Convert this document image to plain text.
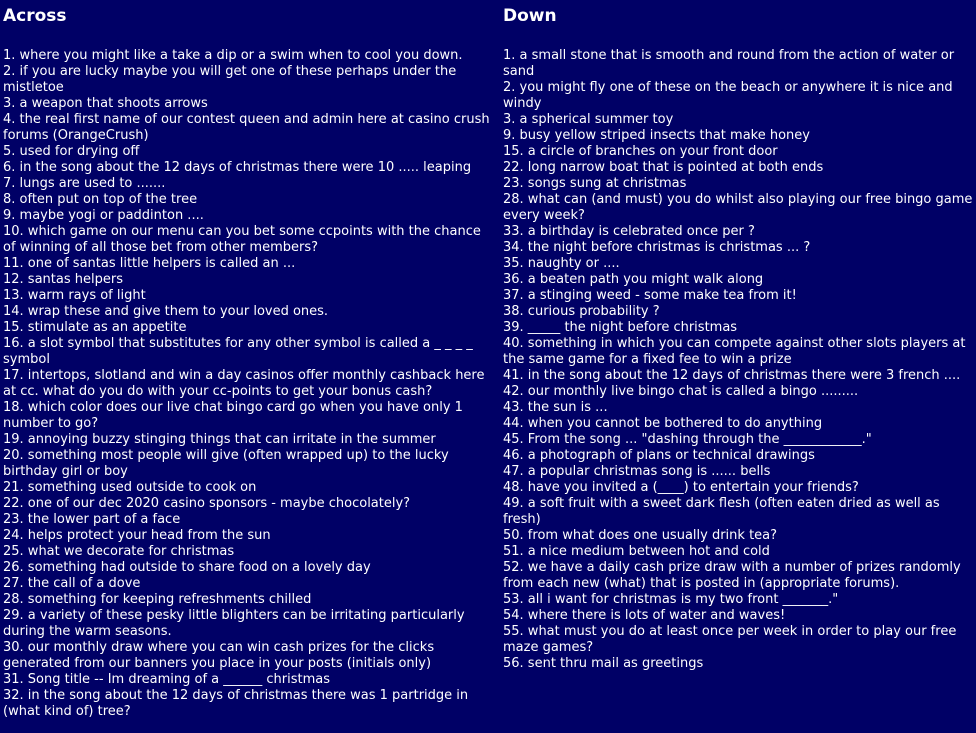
Across
1. where you might like a take a dip or a swim when to cool you down.
2. if you are lucky maybe you will get one of these perhaps under the mistletoe
3. a weapon that shoots arrows
4. the real first name of our contest queen and admin here at casino crush forums (OrangeCrush)
5. used for drying off
6. in the song about the 12 days of christmas there were 10 ..... leaping
7. lungs are used to .......
8. often put on top of the tree
9. maybe yogi or paddinton ....
10. which game on our menu can you bet some ccpoints with the chance of winning of all those bet from other members?
11. one of santas little helpers is called an ...
12. santas helpers
13. warm rays of light
14. wrap these and give them to your loved ones.
15. stimulate as an appetite
16. a slot symbol that substitutes for any other symbol is called a _ _ _ _ symbol
17. intertops, slotland and win a day casinos offer monthly cashback here at cc. what do you do with your cc-points to get your bonus cash?
18. which color does our live chat bingo card go when you have only 1 number to go?
19. annoying buzzy stinging things that can irritate in the summer
20. something most people will give (often wrapped up) to the lucky birthday girl or boy
21. something used outside to cook on
22. one of our dec 2020 casino sponsors - maybe chocolately?
23. the lower part of a face
24. helps protect your head from the sun
25. what we decorate for christmas
26. something had outside to share food on a lovely day
27. the call of a dove
28. something for keeping refreshments chilled
29. a variety of these pesky little blighters can be irritating particularly during the warm seasons.
30. our monthly draw where you can win cash prizes for the clicks generated from our banners you place in your posts (initials only)
31. Song title -- Im dreaming of a ______ christmas
32. in the song about the 12 days of christmas there was 1 partridge in (what kind of) tree?
Down
1. a small stone that is smooth and round from the action of water or sand
2. you might fly one of these on the beach or anywhere it is nice and windy
3. a spherical summer toy
9. busy yellow striped insects that make honey
15. a circle of branches on your front door
22. long narrow boat that is pointed at both ends
23. songs sung at christmas
28. what can (and must) you do whilst also playing our free bingo game every week?
33. a birthday is celebrated once per ?
34. the night before christmas is christmas ... ?
35. naughty or ....
36. a beaten path you might walk along
37. a stinging weed - some make tea from it!
38. curious probability ?
39. _____ the night before christmas
40. something in which you can compete against other slots players at the same game for a fixed fee to win a prize
41. in the song about the 12 days of christmas there were 3 french ....
42. our monthly live bingo chat is called a bingo .........
43. the sun is ...
44. when you cannot be bothered to do anything
45. From the song ... "dashing through the ____________."
46. a photograph of plans or technical drawings
47. a popular christmas song is ...... bells
48. have you invited a (____) to entertain your friends?
49. a soft fruit with a sweet dark flesh (often eaten dried as well as fresh)
50. from what does one usually drink tea?
51. a nice medium between hot and cold
52. we have a daily cash prize draw with a number of prizes randomly from each new (what) that is posted in (appropriate forums).
53. all i want for christmas is my two front _______."
54. where there is lots of water and waves!
55. what must you do at least once per week in order to play our free maze games?
56. sent thru mail as greetings
